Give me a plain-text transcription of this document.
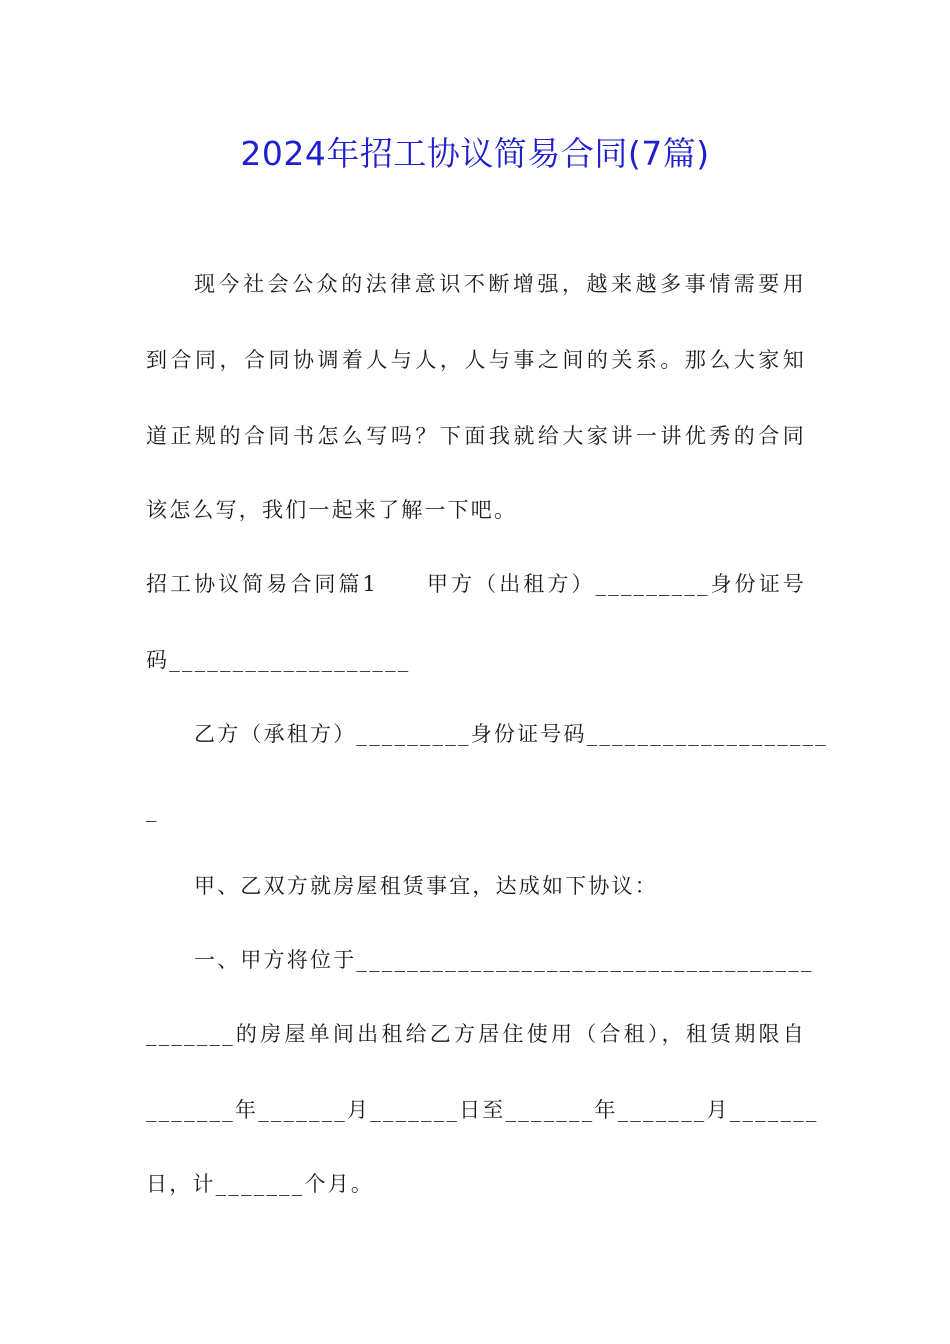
2024年招工协议简易合同(7篇)
现今社会公众的法律意识不断增强，越来越多事情需要用
到合同，合同协调着人与人，人与事之间的关系。那么大家知
道正规的合同书怎么写吗？下面我就给大家讲一讲优秀的合同
该怎么写，我们一起来了解一下吧。
招工协议简易合同篇1　　甲方（出租方）_________身份证号
码___________________
乙方（承租方）_________身份证号码___________________
_
甲、乙双方就房屋租赁事宜，达成如下协议：
一、甲方将位于____________________________________
_______的房屋单间出租给乙方居住使用（合租），租赁期限自
_______年_______月_______日至_______年_______月_______
日，计_______个月。
